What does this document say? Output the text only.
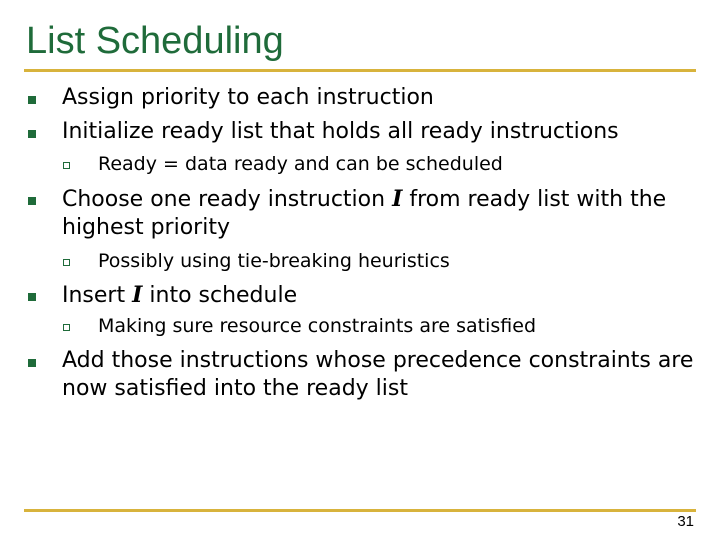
List Scheduling
Assign priority to each instruction
Initialize ready list that holds all ready instructions
Ready = data ready and can be scheduled
Choose one ready instruction I from ready list with the highest priority
Possibly using tie-breaking heuristics
Insert I into schedule
Making sure resource constraints are satisfied
Add those instructions whose precedence constraints are now satisfied into the ready list
31
